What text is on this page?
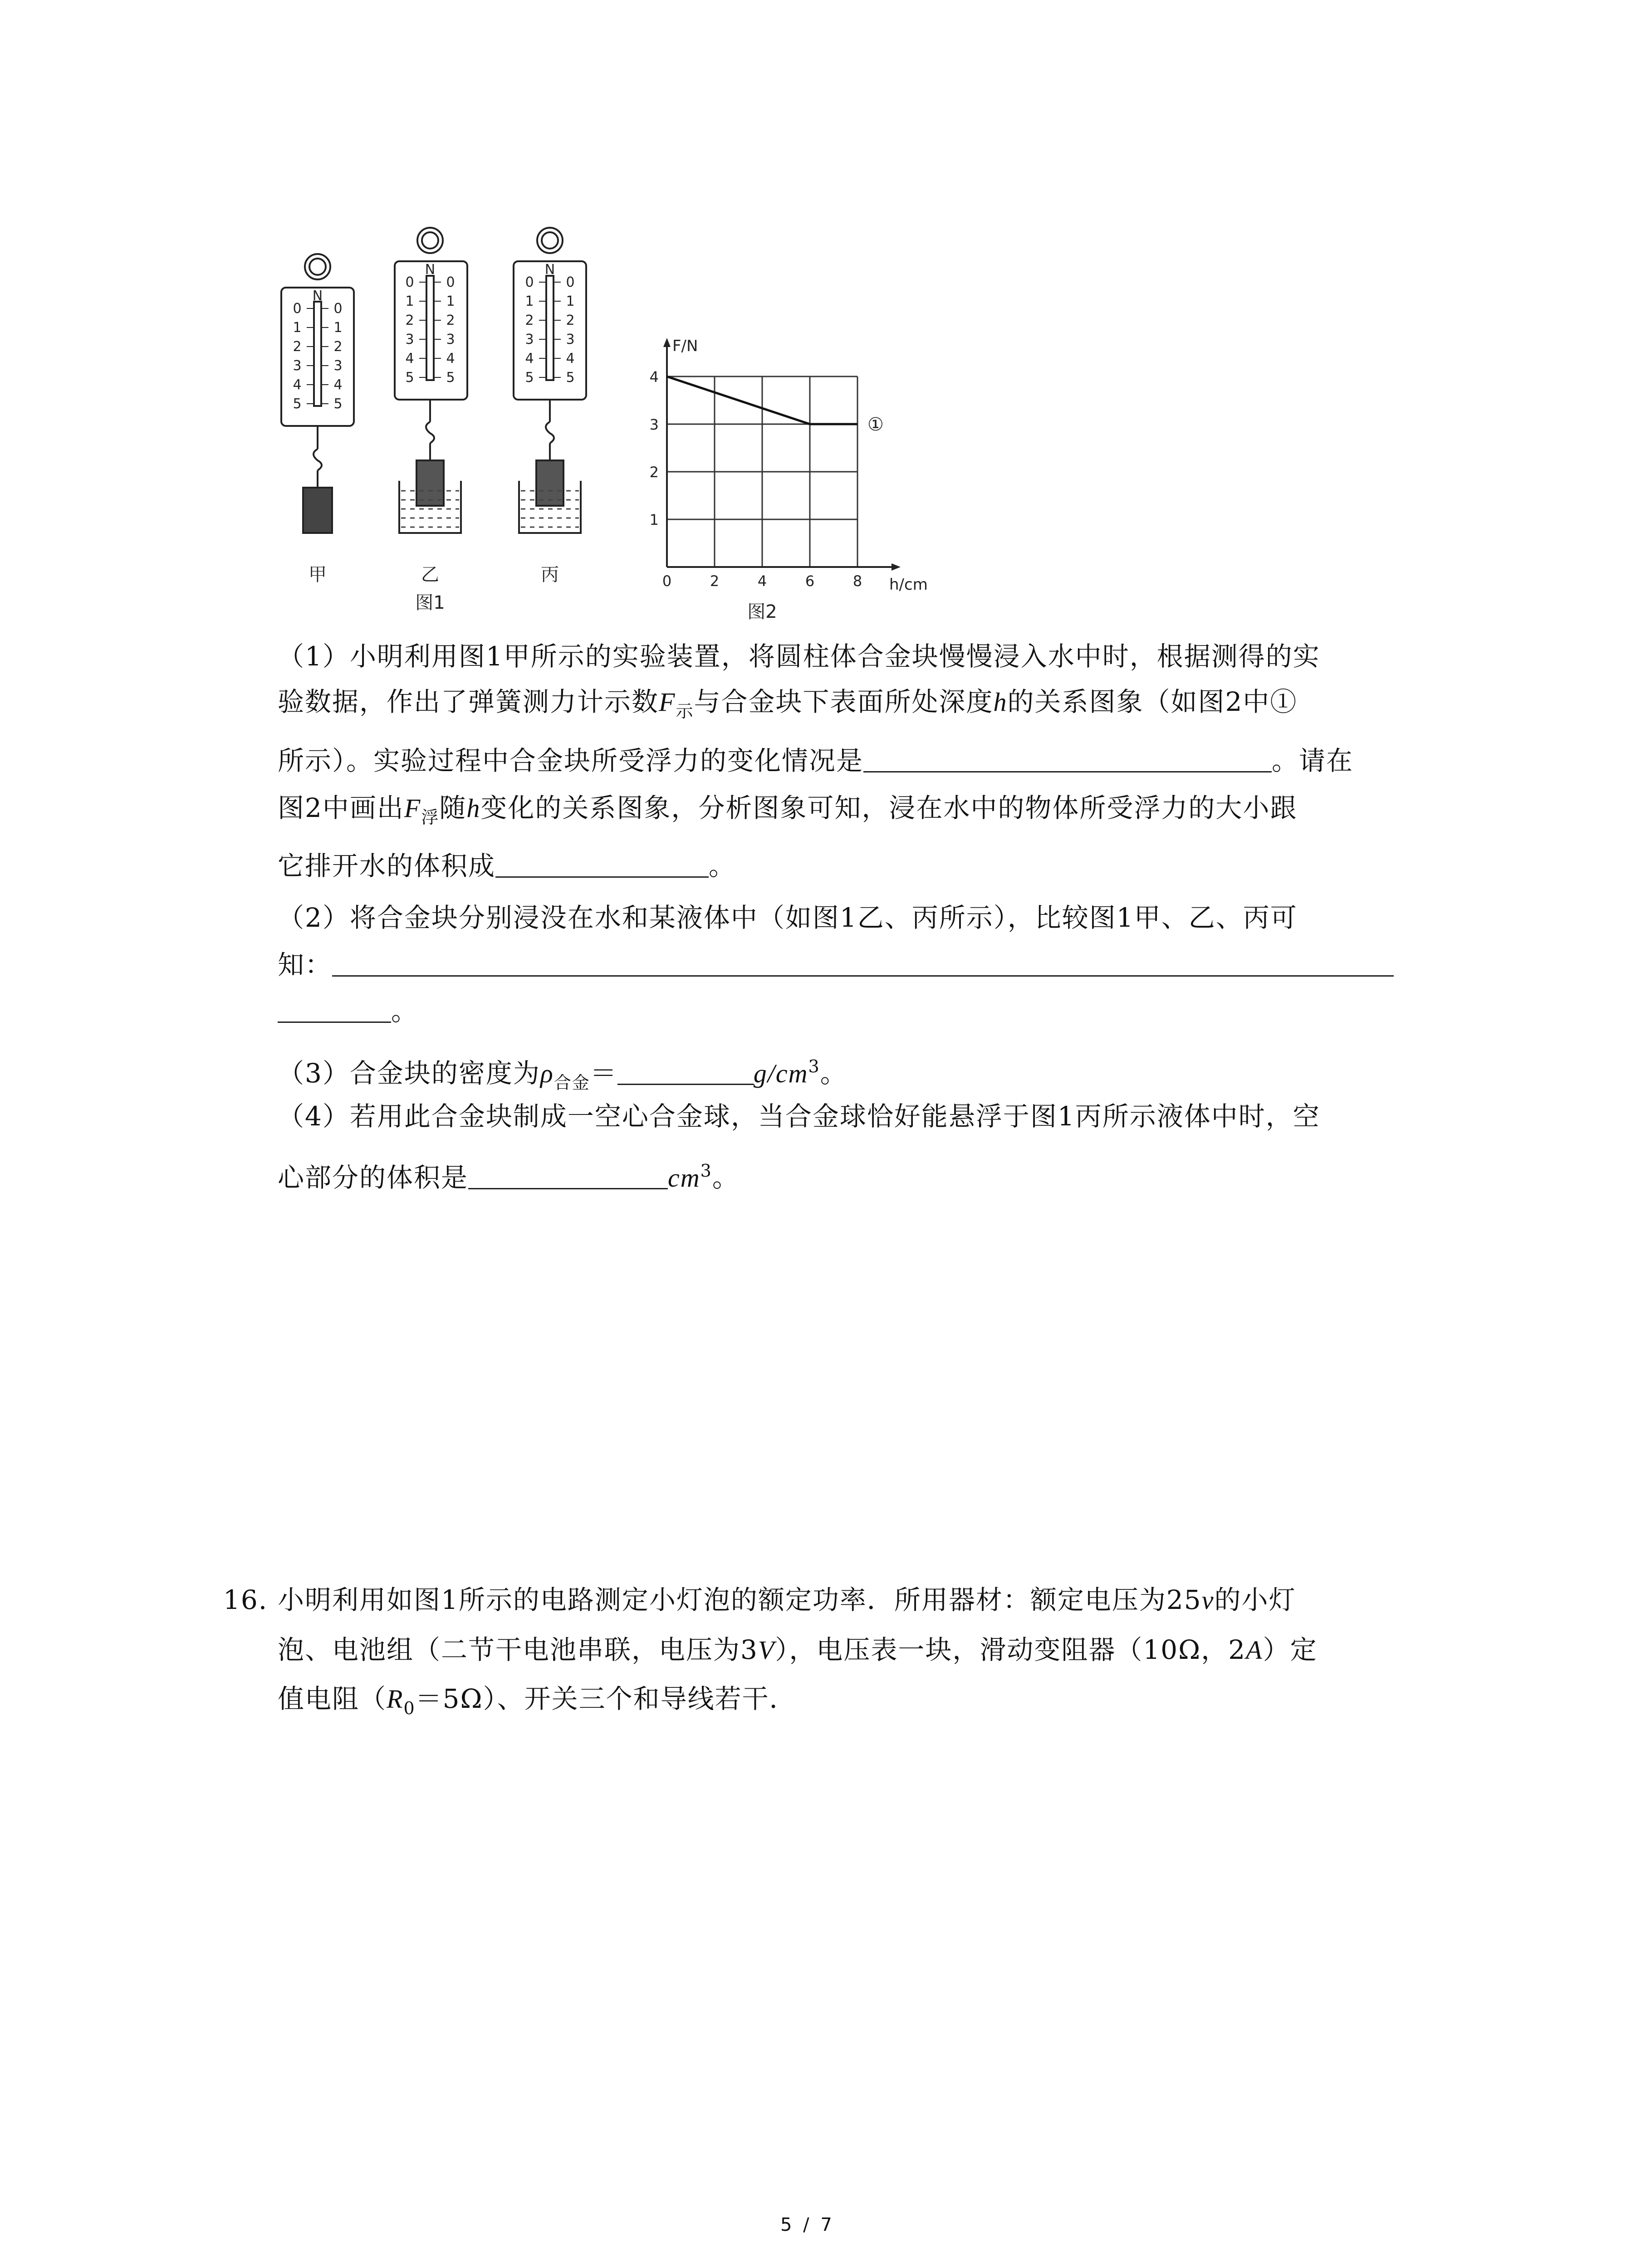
N
N	N
0 0
1 1
2 2
3 3
4 4
5 5
0 0
1 1
2 2
3 3
4 4
5 5
0 0
1 1
2 2
3 3
4 4
5 5
甲	乙	丙
图1
0	2	4	6	8
1
2
3
4
F/N
h/cm
①
图2
（1）小明利用图1甲所示的实验装置，将圆柱体合金块慢慢浸入水中时，根据测得的实
验数据，作出了弹簧测力计示数$F_示$与合金块下表面所处深度h的关系图象（如图2中①
所示）。实验过程中合金块所受浮力的变化情况是	。请在
图2中画出$F_浮$随h变化的关系图象，分析图象可知，浸在水中的物体所受浮力的大小跟
它排开水的体积成	。
（2）将合金块分别浸没在水和某液体中（如图1乙、丙所示），比较图1甲、乙、丙可
知：
。
（3）合金块的密度为$\rho_{合金}=$	$g/cm^3$。
（4）若用此合金块制成一空心合金球，当合金球恰好能悬浮于图1丙所示液体中时，空
心部分的体积是	$cm^3$。
16. 小明利用如图1所示的电路测定小灯泡的额定功率．所用器材：额定电压为25v的小灯
泡、电池组（二节干电池串联，电压为3V），电压表一块，滑动变阻器（10Ω，2A）定
值电阻$(R_0=5\Omega)$、开关三个和导线若干．
5 / 7
